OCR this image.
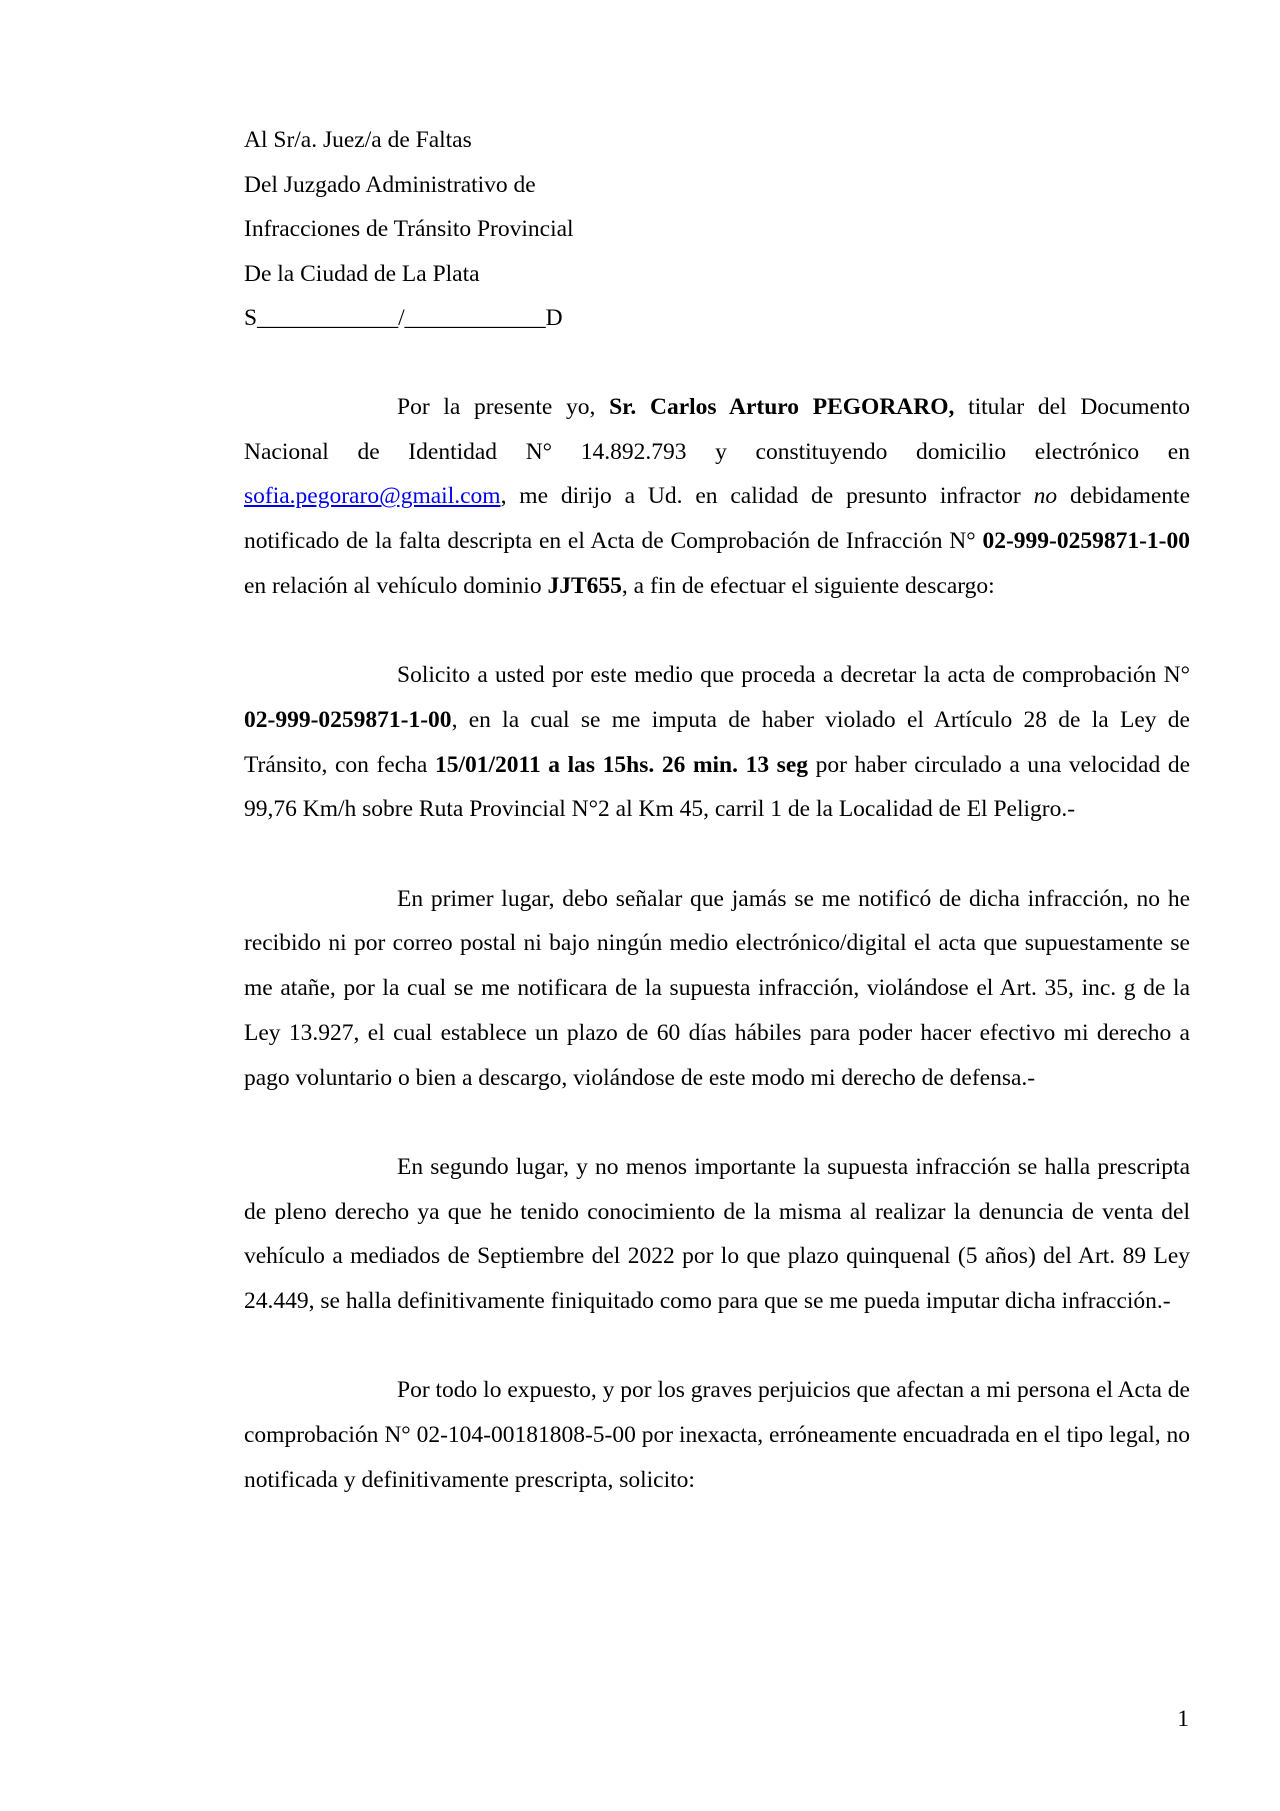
Al Sr/a. Juez/a de Faltas
Del Juzgado Administrativo de
Infracciones de Tránsito Provincial
De la Ciudad de La Plata
S____________/____________D

Por la presente yo, Sr. Carlos Arturo PEGORARO, titular del Documento Nacional de Identidad N° 14.892.793 y constituyendo domicilio electrónico en sofia.pegoraro@gmail.com, me dirijo a Ud. en calidad de presunto infractor no debidamente notificado de la falta descripta en el Acta de Comprobación de Infracción N° 02-999-0259871-1-00 en relación al vehículo dominio JJT655, a fin de efectuar el siguiente descargo:

Solicito a usted por este medio que proceda a decretar la acta de comprobación N° 02-999-0259871-1-00, en la cual se me imputa de haber violado el Artículo 28 de la Ley de Tránsito, con fecha 15/01/2011 a las 15hs. 26 min. 13 seg por haber circulado a una velocidad de 99,76 Km/h sobre Ruta Provincial N°2 al Km 45, carril 1 de la Localidad de El Peligro.-

En primer lugar, debo señalar que jamás se me notificó de dicha infracción, no he recibido ni por correo postal ni bajo ningún medio electrónico/digital el acta que supuestamente se me atañe, por la cual se me notificara de la supuesta infracción, violándose el Art. 35, inc. g de la Ley 13.927, el cual establece un plazo de 60 días hábiles para poder hacer efectivo mi derecho a pago voluntario o bien a descargo, violándose de este modo mi derecho de defensa.-

En segundo lugar, y no menos importante la supuesta infracción se halla prescripta de pleno derecho ya que he tenido conocimiento de la misma al realizar la denuncia de venta del vehículo a mediados de Septiembre del 2022 por lo que plazo quinquenal (5 años) del Art. 89 Ley 24.449, se halla definitivamente finiquitado como para que se me pueda imputar dicha infracción.-

Por todo lo expuesto, y por los graves perjuicios que afectan a mi persona el Acta de comprobación N° 02-104-00181808-5-00 por inexacta, erróneamente encuadrada en el tipo legal, no notificada y definitivamente prescripta, solicito:

1
